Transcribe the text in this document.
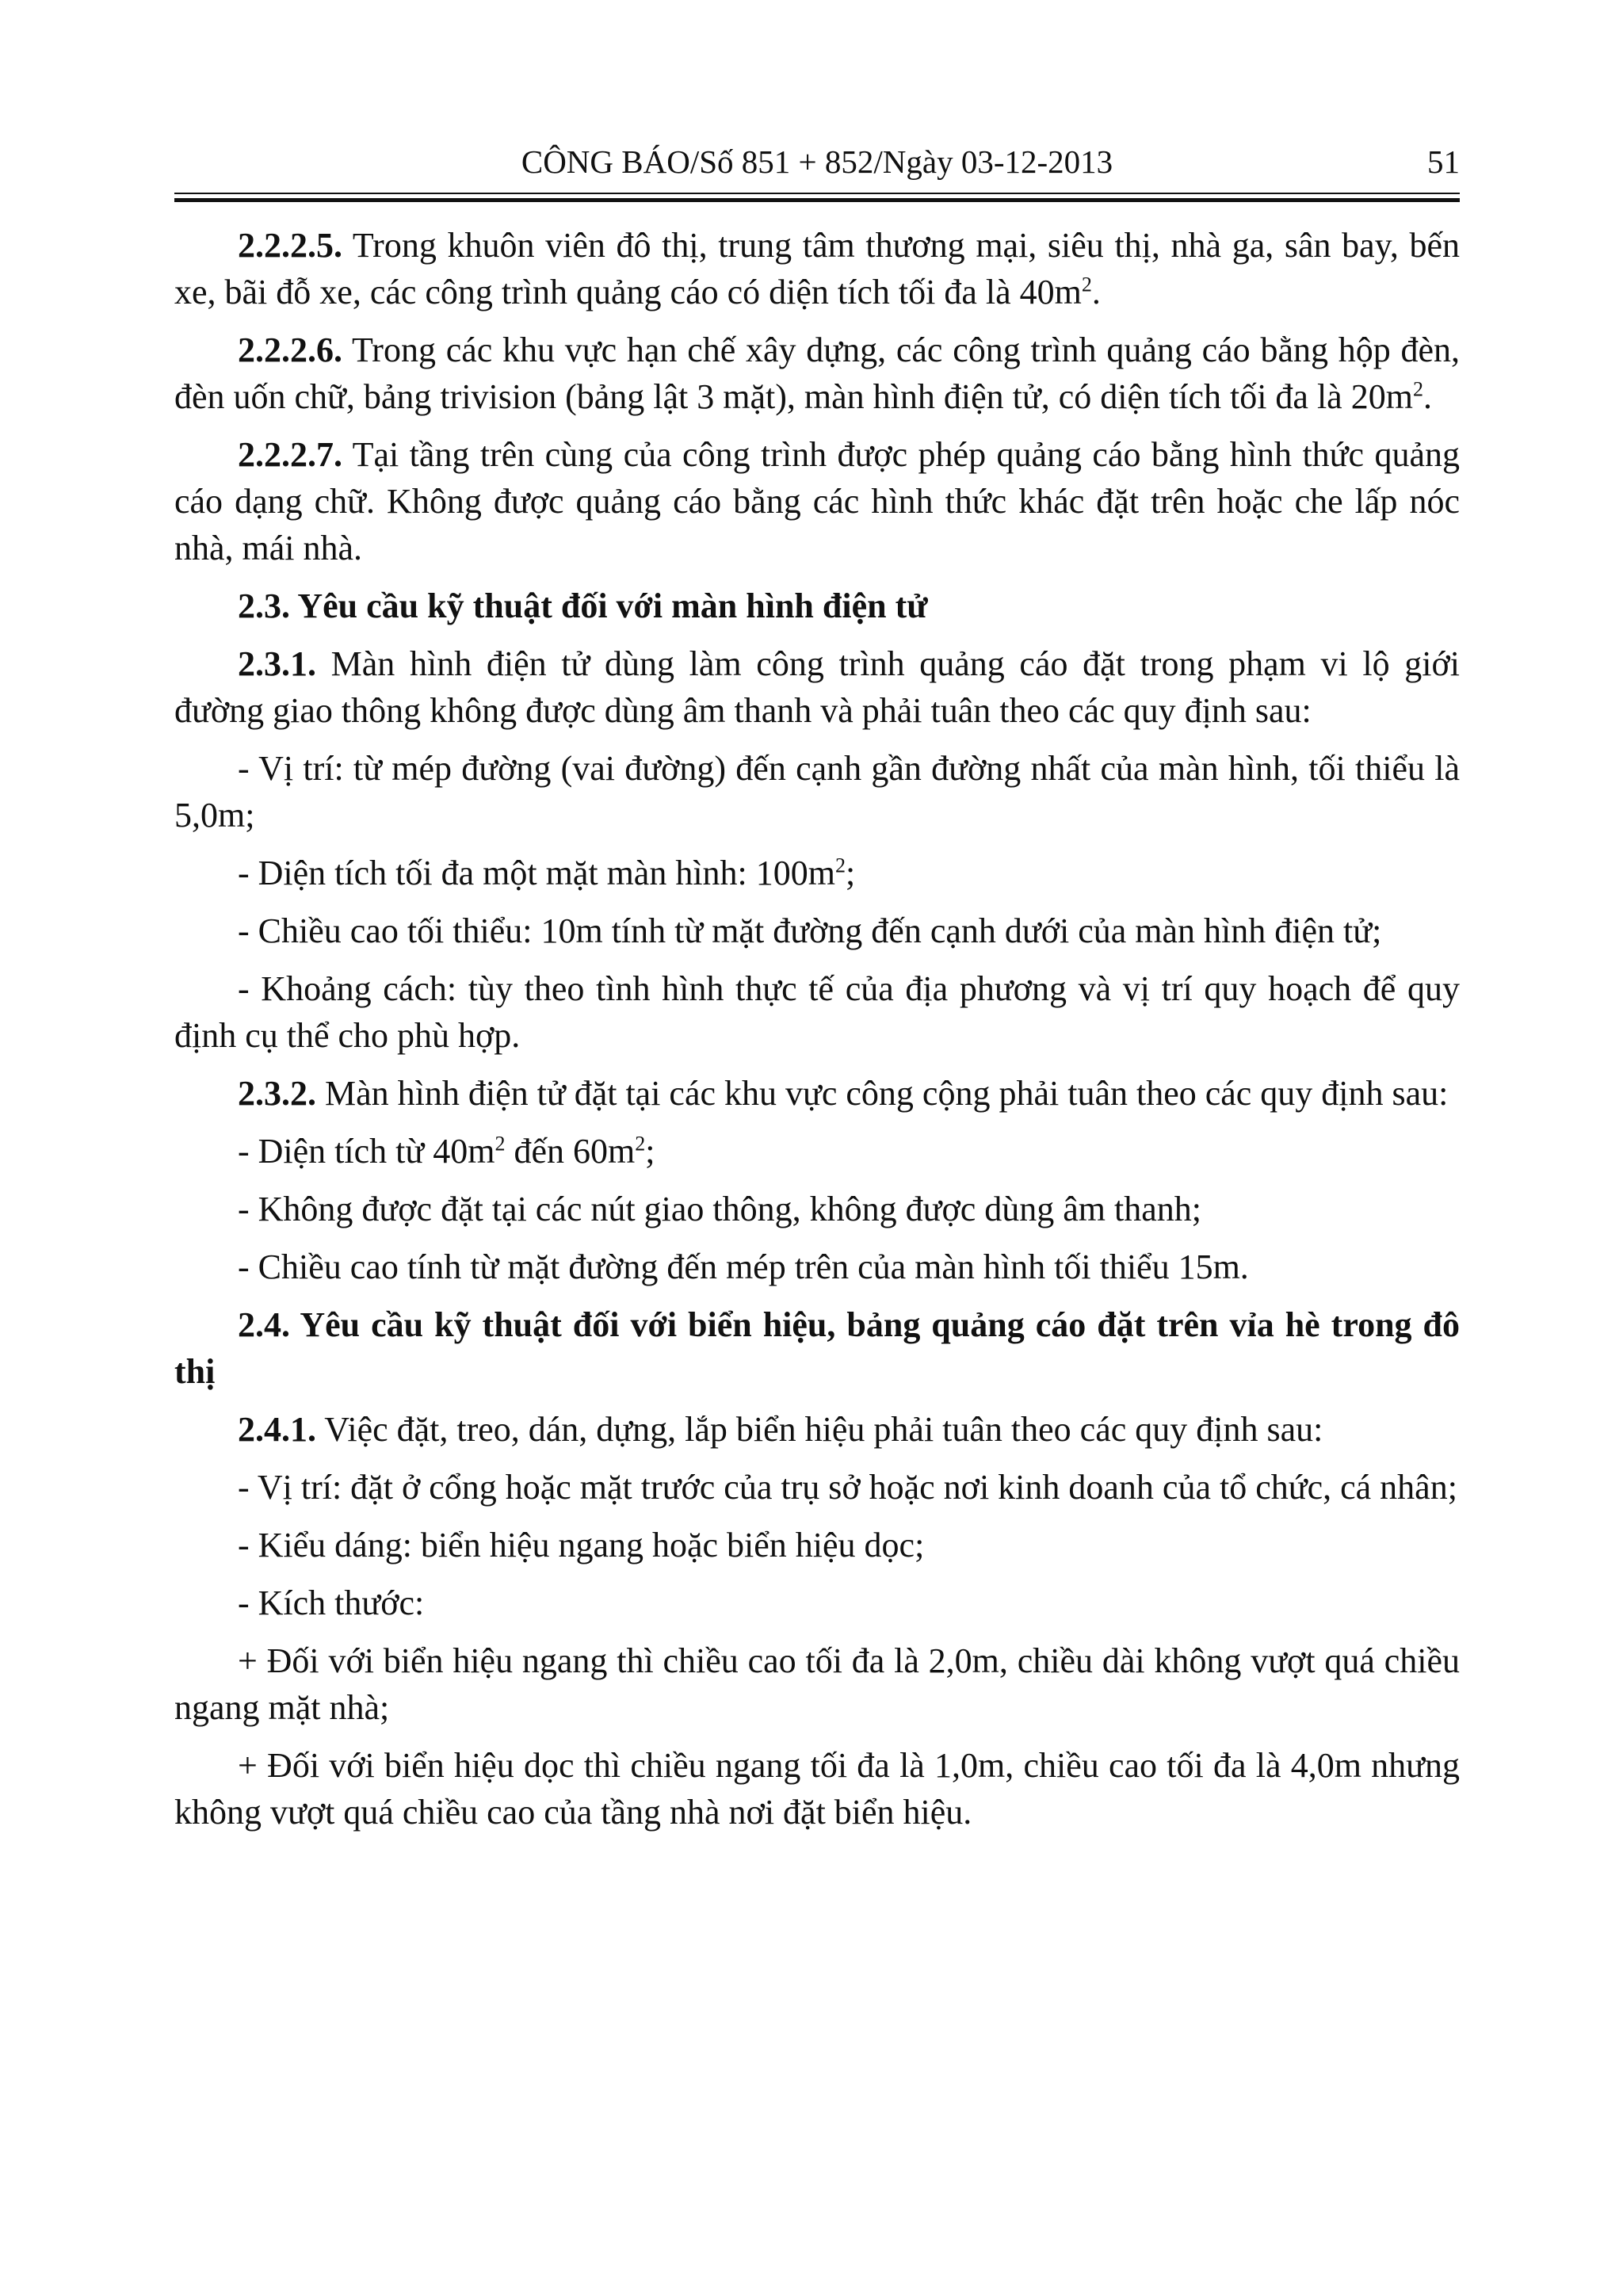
CÔNG BÁO/Số 851 + 852/Ngày 03-12-2013	51

2.2.2.5. Trong khuôn viên đô thị, trung tâm thương mại, siêu thị, nhà ga, sân bay, bến xe, bãi đỗ xe, các công trình quảng cáo có diện tích tối đa là $40m^2$.

2.2.2.6. Trong các khu vực hạn chế xây dựng, các công trình quảng cáo bằng hộp đèn, đèn uốn chữ, bảng trivision (bảng lật 3 mặt), màn hình điện tử, có diện tích tối đa là $20m^2$.

2.2.2.7. Tại tầng trên cùng của công trình được phép quảng cáo bằng hình thức quảng cáo dạng chữ. Không được quảng cáo bằng các hình thức khác đặt trên hoặc che lấp nóc nhà, mái nhà.

2.3. Yêu cầu kỹ thuật đối với màn hình điện tử

2.3.1. Màn hình điện tử dùng làm công trình quảng cáo đặt trong phạm vi lộ giới đường giao thông không được dùng âm thanh và phải tuân theo các quy định sau:

- Vị trí: từ mép đường (vai đường) đến cạnh gần đường nhất của màn hình, tối thiểu là 5,0m;

- Diện tích tối đa một mặt màn hình: $100m^2$;

- Chiều cao tối thiểu: 10m tính từ mặt đường đến cạnh dưới của màn hình điện tử;

- Khoảng cách: tùy theo tình hình thực tế của địa phương và vị trí quy hoạch để quy định cụ thể cho phù hợp.

2.3.2. Màn hình điện tử đặt tại các khu vực công cộng phải tuân theo các quy định sau:

- Diện tích từ $40m^2$ đến $60m^2$;

- Không được đặt tại các nút giao thông, không được dùng âm thanh;

- Chiều cao tính từ mặt đường đến mép trên của màn hình tối thiểu 15m.

2.4. Yêu cầu kỹ thuật đối với biển hiệu, bảng quảng cáo đặt trên vỉa hè trong đô thị

2.4.1. Việc đặt, treo, dán, dựng, lắp biển hiệu phải tuân theo các quy định sau:

- Vị trí: đặt ở cổng hoặc mặt trước của trụ sở hoặc nơi kinh doanh của tổ chức, cá nhân;

- Kiểu dáng: biển hiệu ngang hoặc biển hiệu dọc;

- Kích thước:

+ Đối với biển hiệu ngang thì chiều cao tối đa là 2,0m, chiều dài không vượt quá chiều ngang mặt nhà;

+ Đối với biển hiệu dọc thì chiều ngang tối đa là 1,0m, chiều cao tối đa là 4,0m nhưng không vượt quá chiều cao của tầng nhà nơi đặt biển hiệu.
